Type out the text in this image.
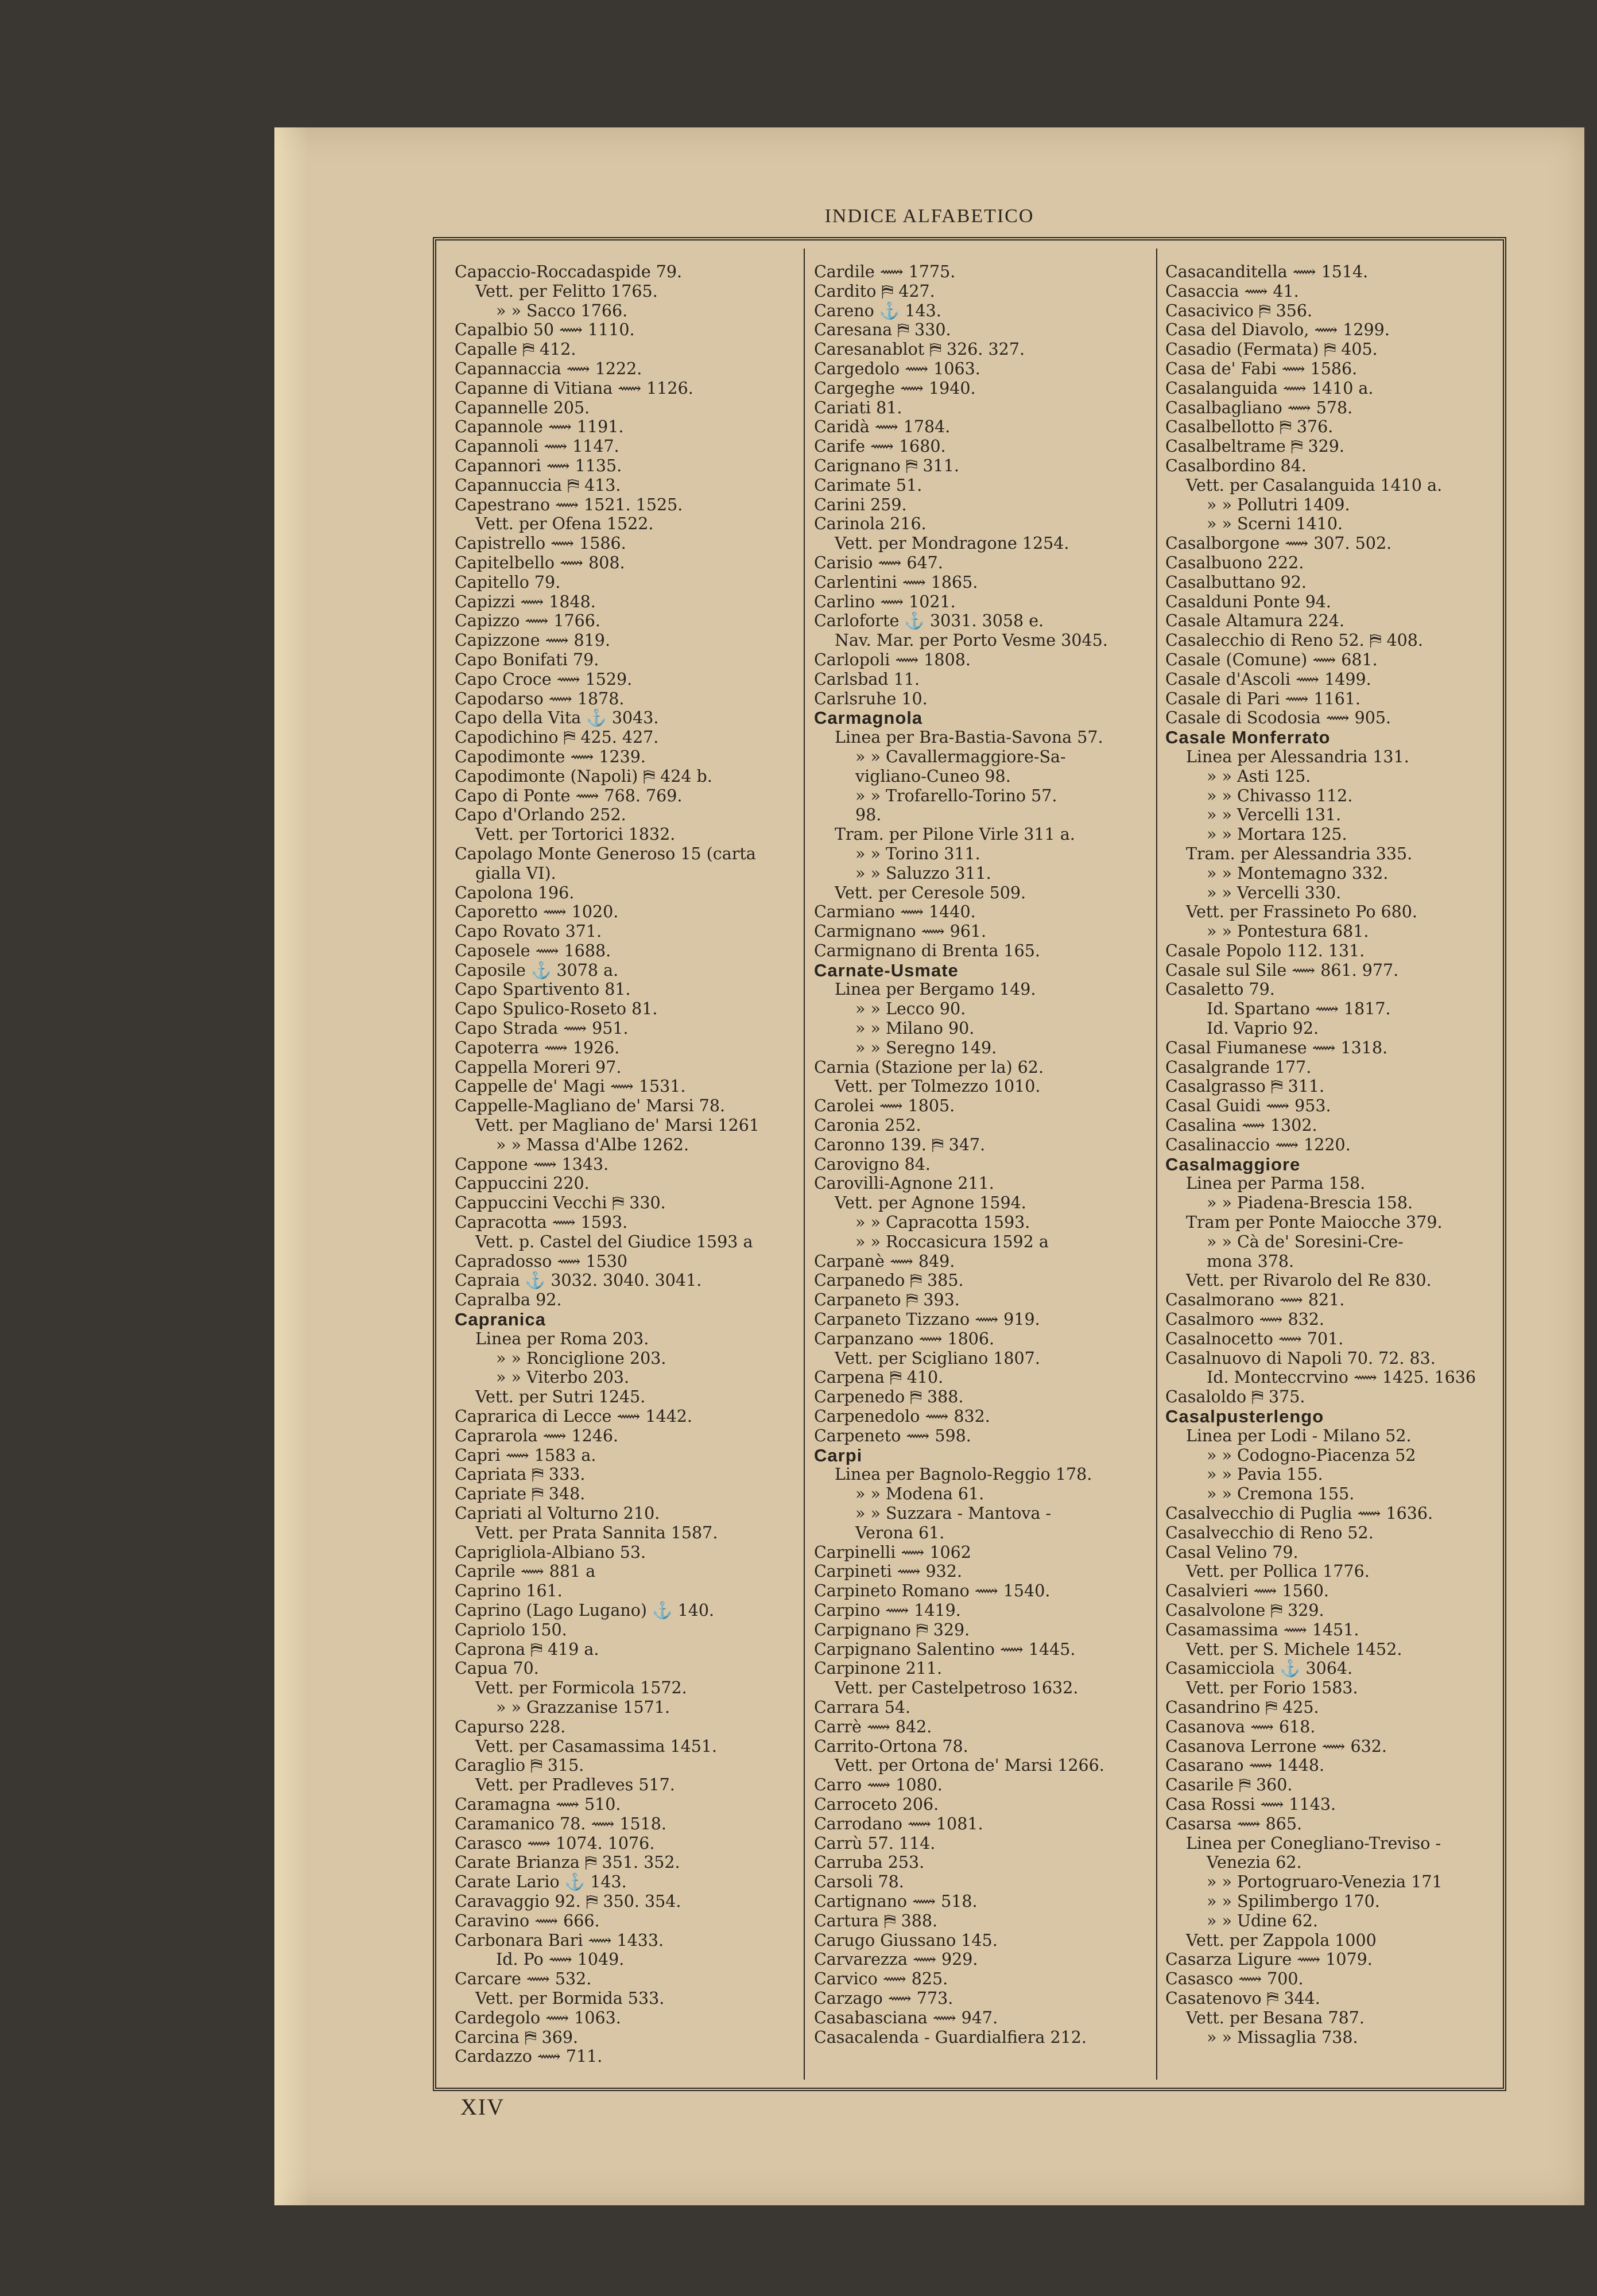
INDICE ALFABETICO
Capaccio-Roccadaspide 79.
Vett. per Felitto 1765.
» » Sacco 1766.
Capalbio 50 ⟿ 1110.
Capalle ⛿ 412.
Capannaccia ⟿ 1222.
Capanne di Vitiana ⟿ 1126.
Capannelle 205.
Capannole ⟿ 1191.
Capannoli ⟿ 1147.
Capannori ⟿ 1135.
Capannuccia ⛿ 413.
Capestrano ⟿ 1521. 1525.
Vett. per Ofena 1522.
Capistrello ⟿ 1586.
Capitelbello ⟿ 808.
Capitello 79.
Capizzi ⟿ 1848.
Capizzo ⟿ 1766.
Capizzone ⟿ 819.
Capo Bonifati 79.
Capo Croce ⟿ 1529.
Capodarso ⟿ 1878.
Capo della Vita ⚓ 3043.
Capodichino ⛿ 425. 427.
Capodimonte ⟿ 1239.
Capodimonte (Napoli) ⛿ 424 b.
Capo di Ponte ⟿ 768. 769.
Capo d'Orlando 252.
Vett. per Tortorici 1832.
Capolago Monte Generoso 15 (carta
gialla VI).
Capolona 196.
Caporetto ⟿ 1020.
Capo Rovato 371.
Caposele ⟿ 1688.
Caposile ⚓ 3078 a.
Capo Spartivento 81.
Capo Spulico-Roseto 81.
Capo Strada ⟿ 951.
Capoterra ⟿ 1926.
Cappella Moreri 97.
Cappelle de' Magi ⟿ 1531.
Cappelle-Magliano de' Marsi 78.
Vett. per Magliano de' Marsi 1261
» » Massa d'Albe 1262.
Cappone ⟿ 1343.
Cappuccini 220.
Cappuccini Vecchi ⛿ 330.
Capracotta ⟿ 1593.
Vett. p. Castel del Giudice 1593 a
Capradosso ⟿ 1530
Capraia ⚓ 3032. 3040. 3041.
Capralba 92.
Capranica
Linea per Roma 203.
» » Ronciglione 203.
» » Viterbo 203.
Vett. per Sutri 1245.
Caprarica di Lecce ⟿ 1442.
Caprarola ⟿ 1246.
Capri ⟿ 1583 a.
Capriata ⛿ 333.
Capriate ⛿ 348.
Capriati al Volturno 210.
Vett. per Prata Sannita 1587.
Caprigliola-Albiano 53.
Caprile ⟿ 881 a
Caprino 161.
Caprino (Lago Lugano) ⚓ 140.
Capriolo 150.
Caprona ⛿ 419 a.
Capua 70.
Vett. per Formicola 1572.
» » Grazzanise 1571.
Capurso 228.
Vett. per Casamassima 1451.
Caraglio ⛿ 315.
Vett. per Pradleves 517.
Caramagna ⟿ 510.
Caramanico 78. ⟿ 1518.
Carasco ⟿ 1074. 1076.
Carate Brianza ⛿ 351. 352.
Carate Lario ⚓ 143.
Caravaggio 92. ⛿ 350. 354.
Caravino ⟿ 666.
Carbonara Bari ⟿ 1433.
Id. Po ⟿ 1049.
Carcare ⟿ 532.
Vett. per Bormida 533.
Cardegolo ⟿ 1063.
Carcina ⛿ 369.
Cardazzo ⟿ 711.
Cardile ⟿ 1775.
Cardito ⛿ 427.
Careno ⚓ 143.
Caresana ⛿ 330.
Caresanablot ⛿ 326. 327.
Cargedolo ⟿ 1063.
Cargeghe ⟿ 1940.
Cariati 81.
Caridà ⟿ 1784.
Carife ⟿ 1680.
Carignano ⛿ 311.
Carimate 51.
Carini 259.
Carinola 216.
Vett. per Mondragone 1254.
Carisio ⟿ 647.
Carlentini ⟿ 1865.
Carlino ⟿ 1021.
Carloforte ⚓ 3031. 3058 e.
Nav. Mar. per Porto Vesme 3045.
Carlopoli ⟿ 1808.
Carlsbad 11.
Carlsruhe 10.
Carmagnola
Linea per Bra-Bastia-Savona 57.
» » Cavallermaggiore-Sa-
vigliano-Cuneo 98.
» » Trofarello-Torino 57.
98.
Tram. per Pilone Virle 311 a.
» » Torino 311.
» » Saluzzo 311.
Vett. per Ceresole 509.
Carmiano ⟿ 1440.
Carmignano ⟿ 961.
Carmignano di Brenta 165.
Carnate-Usmate
Linea per Bergamo 149.
» » Lecco 90.
» » Milano 90.
» » Seregno 149.
Carnia (Stazione per la) 62.
Vett. per Tolmezzo 1010.
Carolei ⟿ 1805.
Caronia 252.
Caronno 139. ⛿ 347.
Carovigno 84.
Carovilli-Agnone 211.
Vett. per Agnone 1594.
» » Capracotta 1593.
» » Roccasicura 1592 a
Carpanè ⟿ 849.
Carpanedo ⛿ 385.
Carpaneto ⛿ 393.
Carpaneto Tizzano ⟿ 919.
Carpanzano ⟿ 1806.
Vett. per Scigliano 1807.
Carpena ⛿ 410.
Carpenedo ⛿ 388.
Carpenedolo ⟿ 832.
Carpeneto ⟿ 598.
Carpi
Linea per Bagnolo-Reggio 178.
» » Modena 61.
» » Suzzara - Mantova -
Verona 61.
Carpinelli ⟿ 1062
Carpineti ⟿ 932.
Carpineto Romano ⟿ 1540.
Carpino ⟿ 1419.
Carpignano ⛿ 329.
Carpignano Salentino ⟿ 1445.
Carpinone 211.
Vett. per Castelpetroso 1632.
Carrara 54.
Carrè ⟿ 842.
Carrito-Ortona 78.
Vett. per Ortona de' Marsi 1266.
Carro ⟿ 1080.
Carroceto 206.
Carrodano ⟿ 1081.
Carrù 57. 114.
Carruba 253.
Carsoli 78.
Cartignano ⟿ 518.
Cartura ⛿ 388.
Carugo Giussano 145.
Carvarezza ⟿ 929.
Carvico ⟿ 825.
Carzago ⟿ 773.
Casabasciana ⟿ 947.
Casacalenda - Guardialfiera 212.
Casacanditella ⟿ 1514.
Casaccia ⟿ 41.
Casacivico ⛿ 356.
Casa del Diavolo, ⟿ 1299.
Casadio (Fermata) ⛿ 405.
Casa de' Fabi ⟿ 1586.
Casalanguida ⟿ 1410 a.
Casalbagliano ⟿ 578.
Casalbellotto ⛿ 376.
Casalbeltrame ⛿ 329.
Casalbordino 84.
Vett. per Casalanguida 1410 a.
» » Pollutri 1409.
» » Scerni 1410.
Casalborgone ⟿ 307. 502.
Casalbuono 222.
Casalbuttano 92.
Casalduni Ponte 94.
Casale Altamura 224.
Casalecchio di Reno 52. ⛿ 408.
Casale (Comune) ⟿ 681.
Casale d'Ascoli ⟿ 1499.
Casale di Pari ⟿ 1161.
Casale di Scodosia ⟿ 905.
Casale Monferrato
Linea per Alessandria 131.
» » Asti 125.
» » Chivasso 112.
» » Vercelli 131.
» » Mortara 125.
Tram. per Alessandria 335.
» » Montemagno 332.
» » Vercelli 330.
Vett. per Frassineto Po 680.
» » Pontestura 681.
Casale Popolo 112. 131.
Casale sul Sile ⟿ 861. 977.
Casaletto 79.
Id. Spartano ⟿ 1817.
Id. Vaprio 92.
Casal Fiumanese ⟿ 1318.
Casalgrande 177.
Casalgrasso ⛿ 311.
Casal Guidi ⟿ 953.
Casalina ⟿ 1302.
Casalinaccio ⟿ 1220.
Casalmaggiore
Linea per Parma 158.
» » Piadena-Brescia 158.
Tram per Ponte Maiocche 379.
» » Cà de' Soresini-Cre-
mona 378.
Vett. per Rivarolo del Re 830.
Casalmorano ⟿ 821.
Casalmoro ⟿ 832.
Casalnocetto ⟿ 701.
Casalnuovo di Napoli 70. 72. 83.
Id. Monteccrvino ⟿ 1425. 1636
Casaloldo ⛿ 375.
Casalpusterlengo
Linea per Lodi - Milano 52.
» » Codogno-Piacenza 52
» » Pavia 155.
» » Cremona 155.
Casalvecchio di Puglia ⟿ 1636.
Casalvecchio di Reno 52.
Casal Velino 79.
Vett. per Pollica 1776.
Casalvieri ⟿ 1560.
Casalvolone ⛿ 329.
Casamassima ⟿ 1451.
Vett. per S. Michele 1452.
Casamicciola ⚓ 3064.
Vett. per Forio 1583.
Casandrino ⛿ 425.
Casanova ⟿ 618.
Casanova Lerrone ⟿ 632.
Casarano ⟿ 1448.
Casarile ⛿ 360.
Casa Rossi ⟿ 1143.
Casarsa ⟿ 865.
Linea per Conegliano-Treviso -
Venezia 62.
» » Portogruaro-Venezia 171
» » Spilimbergo 170.
» » Udine 62.
Vett. per Zappola 1000
Casarza Ligure ⟿ 1079.
Casasco ⟿ 700.
Casatenovo ⛿ 344.
Vett. per Besana 787.
» » Missaglia 738.
XIV
